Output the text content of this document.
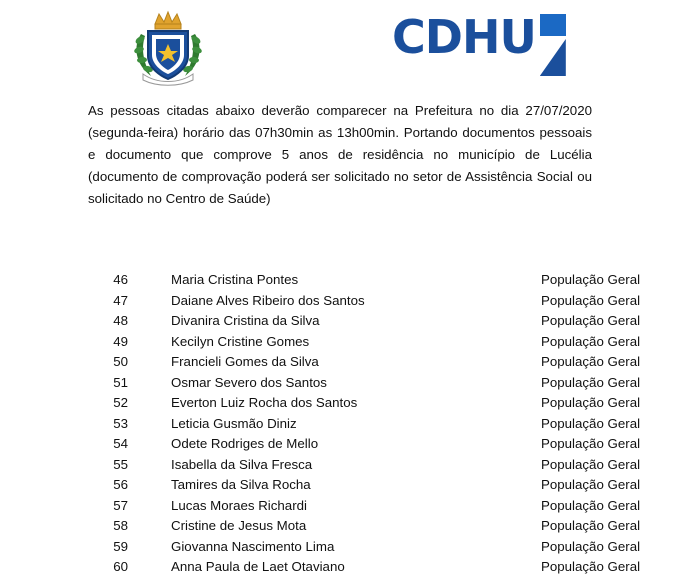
CDHU

As pessoas citadas abaixo deverão comparecer na Prefeitura no dia 27/07/2020 (segunda-feira) horário das 07h30min as 13h00min. Portando documentos pessoais e documento que comprove 5 anos de residência no município de Lucélia (documento de comprovação poderá ser solicitado no setor de Assistência Social ou solicitado no Centro de Saúde)

46	Maria Cristina Pontes	População Geral
47	Daiane Alves Ribeiro dos Santos	População Geral
48	Divanira Cristina da Silva	População Geral
49	Kecilyn Cristine Gomes	População Geral
50	Francieli Gomes da Silva	População Geral
51	Osmar Severo dos Santos	População Geral
52	Everton Luiz Rocha dos Santos	População Geral
53	Leticia Gusmão Diniz	População Geral
54	Odete Rodriges de Mello	População Geral
55	Isabella da Silva Fresca	População Geral
56	Tamires da Silva Rocha	População Geral
57	Lucas Moraes Richardi	População Geral
58	Cristine de Jesus Mota	População Geral
59	Giovanna Nascimento Lima	População Geral
60	Anna Paula de Laet Otaviano	População Geral
